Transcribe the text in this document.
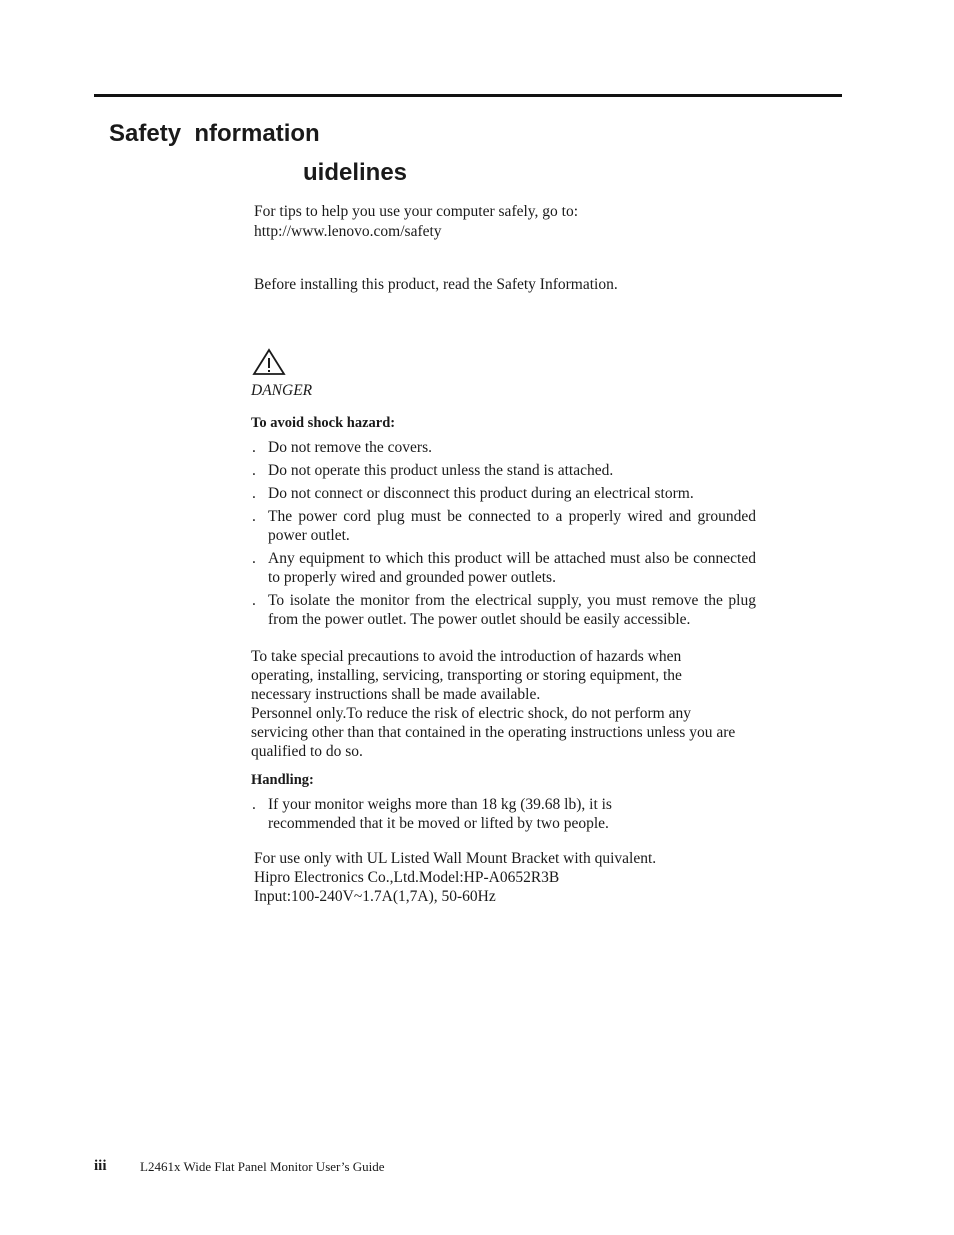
Safety  nformation
uidelines

For tips to help you use your computer safely, go to:

http://www.lenovo.com/safety

Before installing this product, read the Safety Information.

DANGER
To avoid shock hazard:
. Do not remove the covers.
. Do not operate this product unless the stand is attached.
. Do not connect or disconnect this product during an electrical storm.
. The power cord plug must be connected to a properly wired and grounded power outlet.
. Any equipment to which this product will be attached must also be connected to properly wired and grounded power outlets.
. To isolate the monitor from the electrical supply, you must remove the plug from the power outlet. The power outlet should be easily accessible.

To take special precautions to avoid the introduction of hazards when operating, installing, servicing, transporting or storing equipment, the necessary instructions shall be made available.

Personnel only.To reduce the risk of electric shock, do not perform any servicing other than that contained in the operating instructions unless you are qualified to do so.

Handling:
. If your monitor weighs more than 18 kg (39.68 lb), it is recommended that it be moved or lifted by two people.

For use only with UL Listed Wall Mount Bracket with quivalent.

Hipro Electronics Co.,Ltd.Model:HP-A0652R3B

Input:100-240V~1.7A(1,7A), 50-60Hz

iii	L2461x Wide Flat Panel Monitor User’s Guide
